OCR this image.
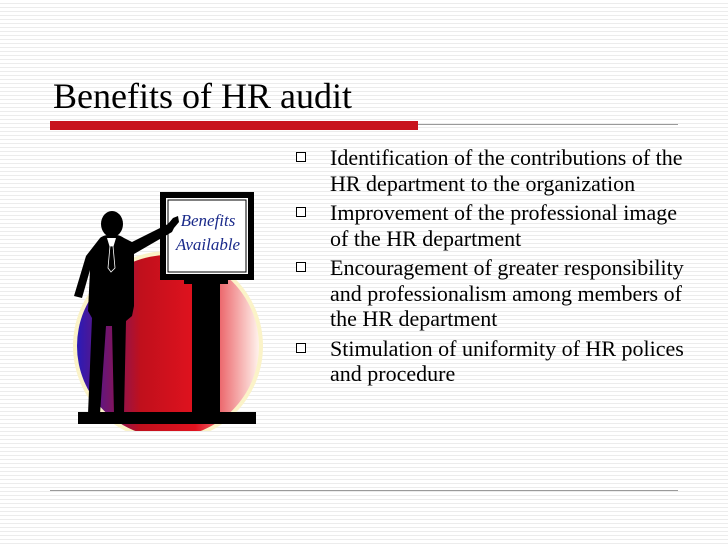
Benefits of HR audit
Identification of the contributions of the HR department to the organization
Improvement of the professional image of the HR department
Encouragement of greater responsibility and professionalism among members of the HR department
Stimulation of uniformity of HR polices and procedure
Benefits
Available
